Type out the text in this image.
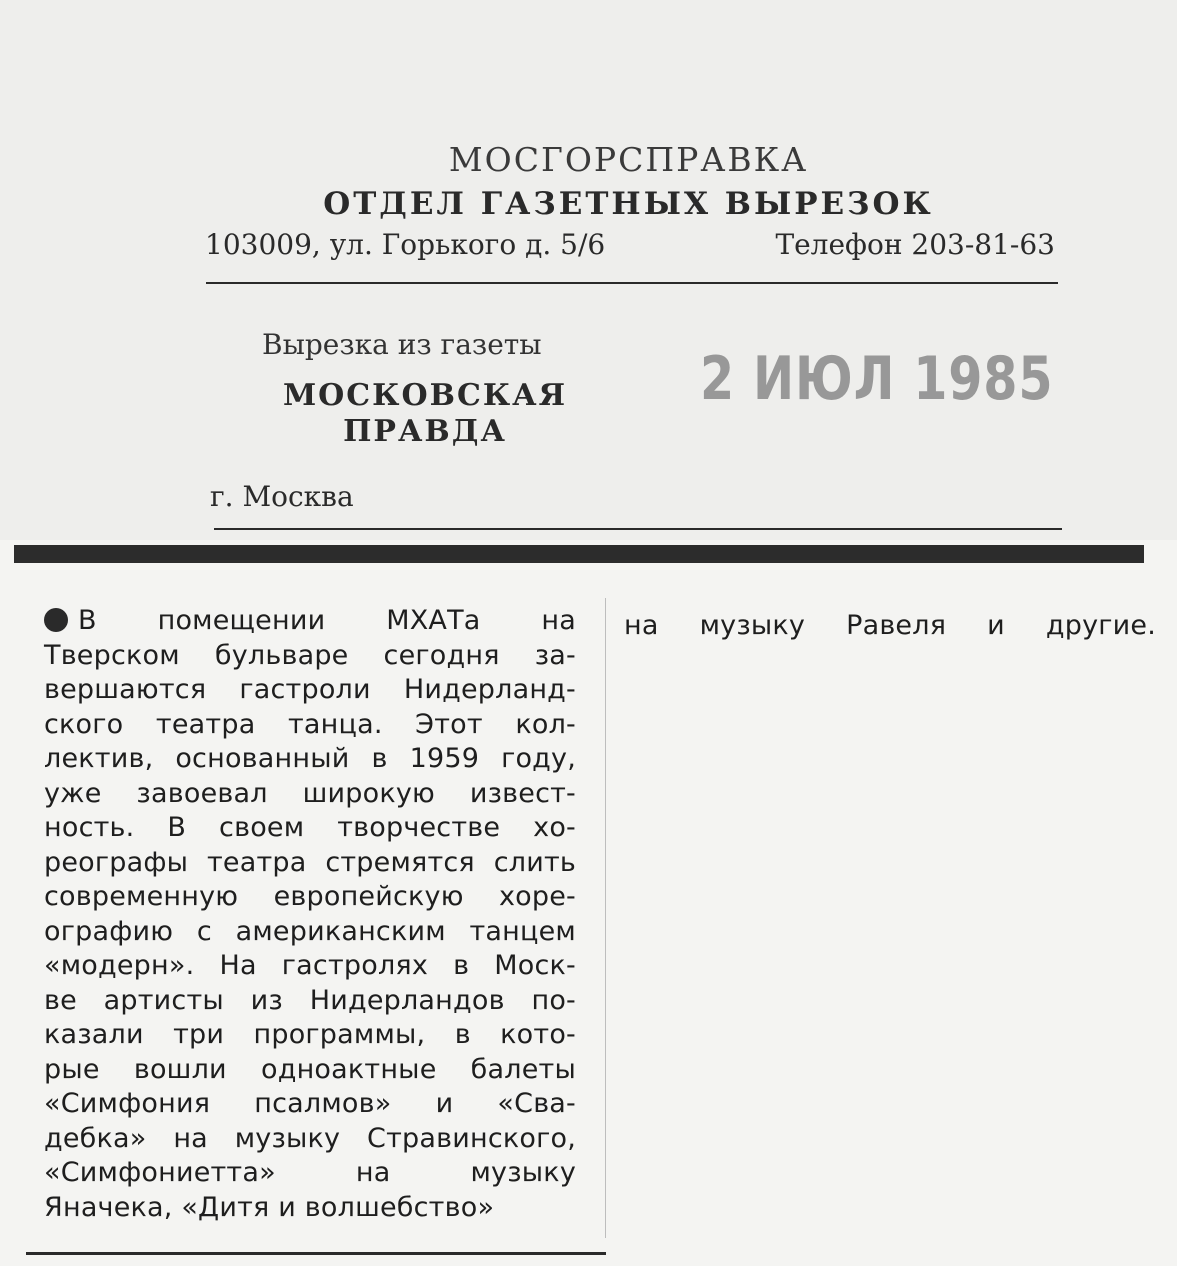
МОСГОРСПРАВКА
ОТДЕЛ ГАЗЕТНЫХ ВЫРЕЗОК
103009, ул. Горького д. 5/6	Телефон 203-81-63
Вырезка из газеты
МОСКОВСКАЯ
ПРАВДА
2 ИЮЛ 1985
г. Москва
В помещении МХАТа на
Тверском бульваре сегодня за-
вершаются гастроли Нидерланд-
ского театра танца. Этот кол-
лектив, основанный в 1959 году,
уже завоевал широкую извест-
ность. В своем творчестве хо-
реографы театра стремятся слить
современную европейскую хоре-
ографию с американским танцем
«модерн». На гастролях в Моск-
ве артисты из Нидерландов по-
казали три программы, в кото-
рые вошли одноактные балеты
«Симфония псалмов» и «Сва-
дебка» на музыку Стравинского,
«Симфониетта» на музыку
Яначека, «Дитя и волшебство»
на музыку Равеля и другие.
